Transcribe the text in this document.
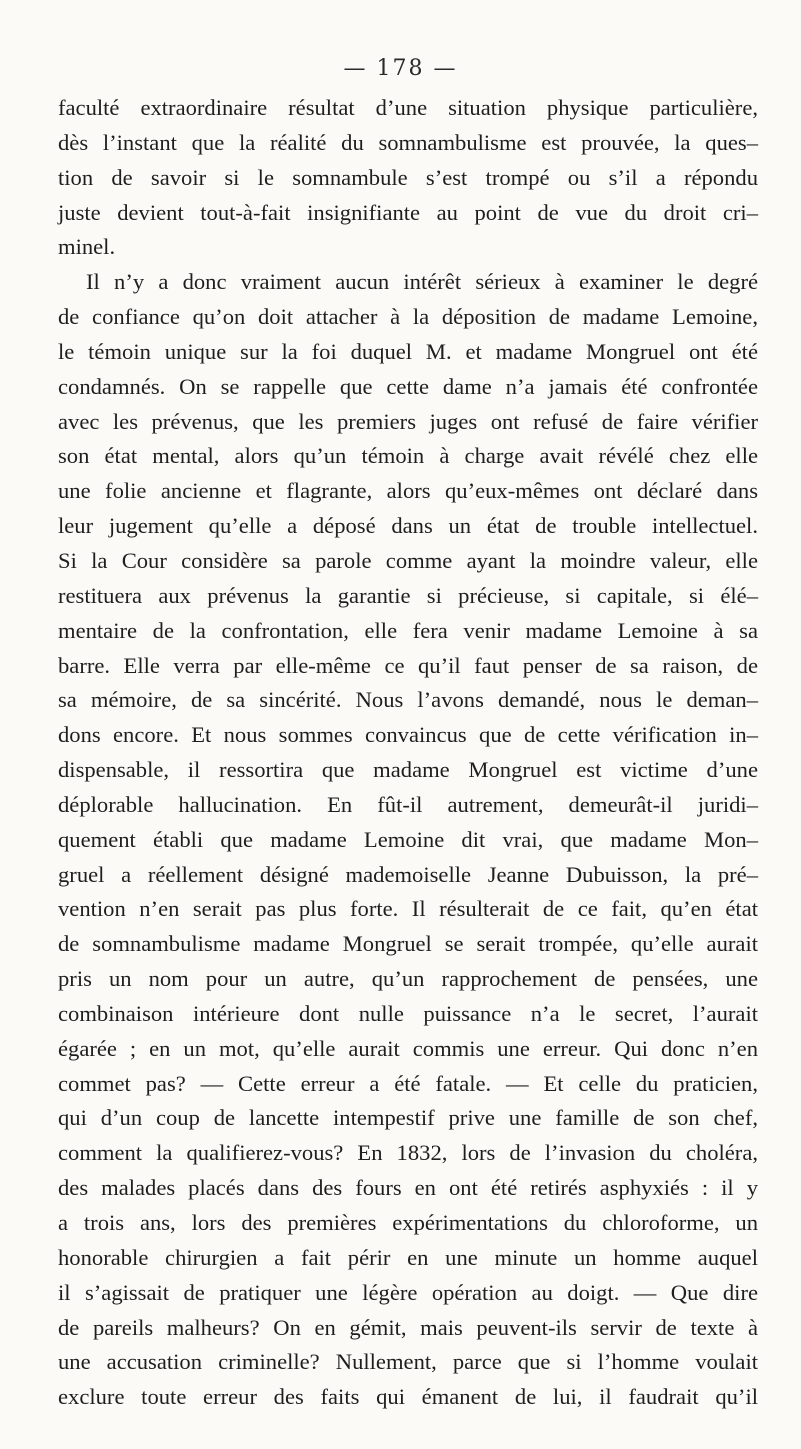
— 178 —
faculté extraordinaire résultat d’une situation physique particulière,
dès l’instant que la réalité du somnambulisme est prouvée, la ques–
tion de savoir si le somnambule s’est trompé ou s’il a répondu
juste devient tout-à-fait insignifiante au point de vue du droit cri–
minel.
Il n’y a donc vraiment aucun intérêt sérieux à examiner le degré
de confiance qu’on doit attacher à la déposition de madame Lemoine,
le témoin unique sur la foi duquel M. et madame Mongruel ont été
condamnés. On se rappelle que cette dame n’a jamais été confrontée
avec les prévenus, que les premiers juges ont refusé de faire vérifier
son état mental, alors qu’un témoin à charge avait révélé chez elle
une folie ancienne et flagrante, alors qu’eux-mêmes ont déclaré dans
leur jugement qu’elle a déposé dans un état de trouble intellectuel.
Si la Cour considère sa parole comme ayant la moindre valeur, elle
restituera aux prévenus la garantie si précieuse, si capitale, si élé–
mentaire de la confrontation, elle fera venir madame Lemoine à sa
barre. Elle verra par elle-même ce qu’il faut penser de sa raison, de
sa mémoire, de sa sincérité. Nous l’avons demandé, nous le deman–
dons encore. Et nous sommes convaincus que de cette vérification in–
dispensable, il ressortira que madame Mongruel est victime d’une
déplorable hallucination. En fût-il autrement, demeurât-il juridi–
quement établi que madame Lemoine dit vrai, que madame Mon–
gruel a réellement désigné mademoiselle Jeanne Dubuisson, la pré–
vention n’en serait pas plus forte. Il résulterait de ce fait, qu’en état
de somnambulisme madame Mongruel se serait trompée, qu’elle aurait
pris un nom pour un autre, qu’un rapprochement de pensées, une
combinaison intérieure dont nulle puissance n’a le secret, l’aurait
égarée ; en un mot, qu’elle aurait commis une erreur. Qui donc n’en
commet pas? — Cette erreur a été fatale. — Et celle du praticien,
qui d’un coup de lancette intempestif prive une famille de son chef,
comment la qualifierez-vous? En 1832, lors de l’invasion du choléra,
des malades placés dans des fours en ont été retirés asphyxiés : il y
a trois ans, lors des premières expérimentations du chloroforme, un
honorable chirurgien a fait périr en une minute un homme auquel
il s’agissait de pratiquer une légère opération au doigt. — Que dire
de pareils malheurs? On en gémit, mais peuvent-ils servir de texte à
une accusation criminelle? Nullement, parce que si l’homme voulait
exclure toute erreur des faits qui émanent de lui, il faudrait qu’il
